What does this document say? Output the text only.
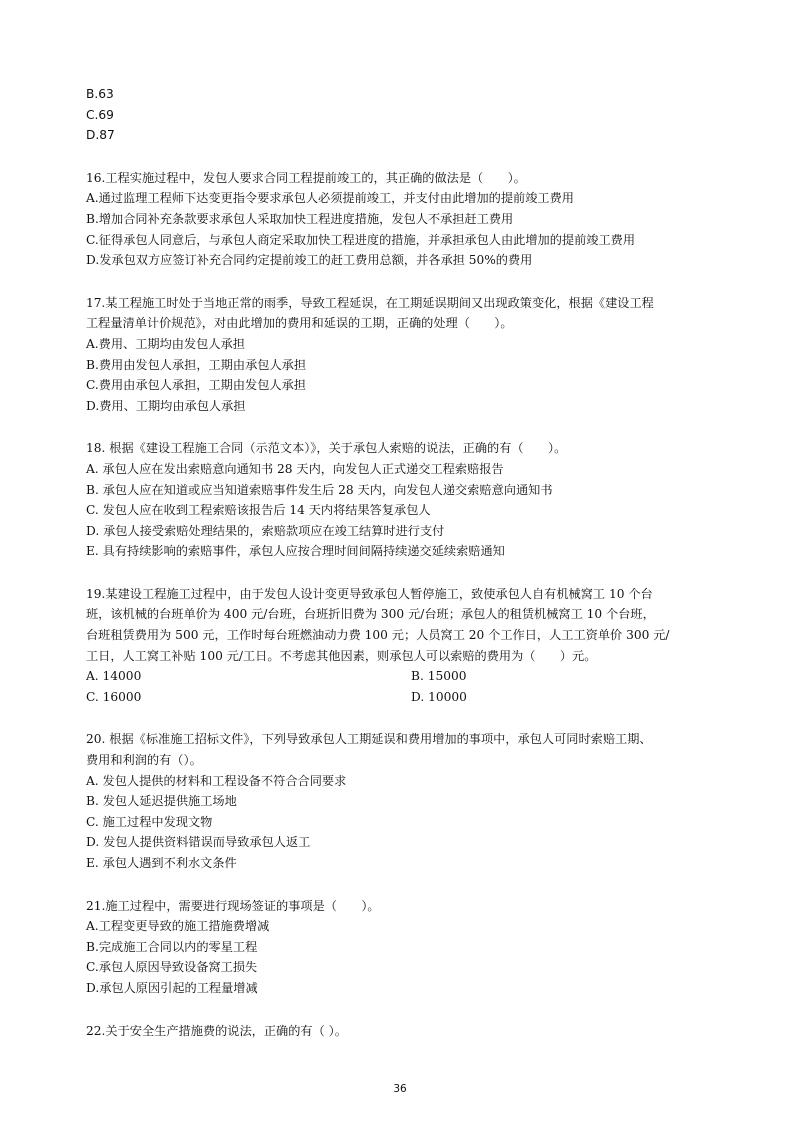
B.63
C.69
D.87
16.工程实施过程中，发包人要求合同工程提前竣工的，其正确的做法是（　　）。
A.通过监理工程师下达变更指令要求承包人必须提前竣工，并支付由此增加的提前竣工费用
B.增加合同补充条款要求承包人采取加快工程进度措施，发包人不承担赶工费用
C.征得承包人同意后，与承包人商定采取加快工程进度的措施，并承担承包人由此增加的提前竣工费用
D.发承包双方应签订补充合同约定提前竣工的赶工费用总额，并各承担 50%的费用
17.某工程施工时处于当地正常的雨季，导致工程延误，在工期延误期间又出现政策变化，根据《建设工程
工程量清单计价规范》，对由此增加的费用和延误的工期，正确的处理（　　）。
A.费用、工期均由发包人承担
B.费用由发包人承担，工期由承包人承担
C.费用由承包人承担，工期由发包人承担
D.费用、工期均由承包人承担
18. 根据《建设工程施工合同（示范文本）》，关于承包人索赔的说法，正确的有（　　）。
A. 承包人应在发出索赔意向通知书 28 天内，向发包人正式递交工程索赔报告
B. 承包人应在知道或应当知道索赔事件发生后 28 天内，向发包人递交索赔意向通知书
C. 发包人应在收到工程索赔该报告后 14 天内将结果答复承包人
D. 承包人接受索赔处理结果的，索赔款项应在竣工结算时进行支付
E. 具有持续影响的索赔事件，承包人应按合理时间间隔持续递交延续索赔通知
19.某建设工程施工过程中，由于发包人设计变更导致承包人暂停施工，致使承包人自有机械窝工 10 个台
班，该机械的台班单价为 400 元/台班，台班折旧费为 300 元/台班；承包人的租赁机械窝工 10 个台班，
台班租赁费用为 500 元，工作时每台班燃油动力费 100 元；人员窝工 20 个工作日，人工工资单价 300 元/
工日，人工窝工补贴 100 元/工日。不考虑其他因素，则承包人可以索赔的费用为（　　）元。
A. 14000	B. 15000
C. 16000	D. 10000
20. 根据《标准施工招标文件》，下列导致承包人工期延误和费用增加的事项中，承包人可同时索赔工期、
费用和利润的有（）。
A. 发包人提供的材料和工程设备不符合合同要求
B. 发包人延迟提供施工场地
C. 施工过程中发现文物
D. 发包人提供资料错误而导致承包人返工
E. 承包人遇到不利水文条件
21.施工过程中，需要进行现场签证的事项是（　　）。
A.工程变更导致的施工措施费增减
B.完成施工合同以内的零星工程
C.承包人原因导致设备窝工损失
D.承包人原因引起的工程量增减
22.关于安全生产措施费的说法，正确的有（ ）。
36
